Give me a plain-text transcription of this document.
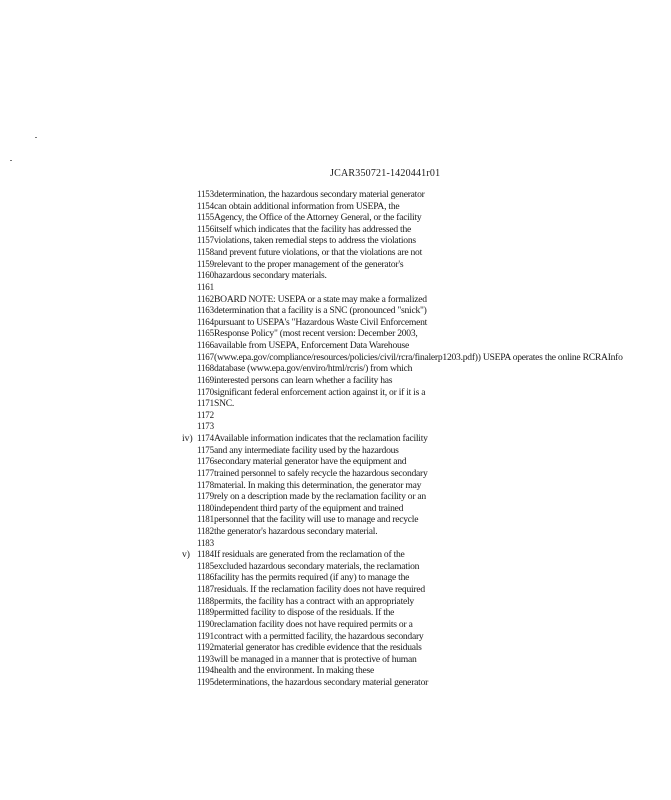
JCAR350721-1420441r01
1153 determination, the hazardous secondary material generator
1154 can obtain additional information from USEPA, the
1155 Agency, the Office of the Attorney General, or the facility
1156 itself which indicates that the facility has addressed the
1157 violations, taken remedial steps to address the violations
1158 and prevent future violations, or that the violations are not
1159 relevant to the proper management of the generator's
1160 hazardous secondary materials.
1161
1162 BOARD NOTE: USEPA or a state may make a formalized
1163 determination that a facility is a SNC (pronounced "snick")
1164 pursuant to USEPA's "Hazardous Waste Civil Enforcement
1165 Response Policy" (most recent version: December 2003,
1166 available from USEPA, Enforcement Data Warehouse
1167 (www.epa.gov/compliance/resources/policies/civil/rcra/finalerp1203.pdf)) USEPA operates the online RCRAInfo
1168 database (www.epa.gov/enviro/html/rcris/) from which
1169 interested persons can learn whether a facility has
1170 significant federal enforcement action against it, or if it is a
1171 SNC.
1172
1173
1174 Available information indicates that the reclamation facility
1175 and any intermediate facility used by the hazardous
1176 secondary material generator have the equipment and
1177 trained personnel to safely recycle the hazardous secondary
1178 material. In making this determination, the generator may
1179 rely on a description made by the reclamation facility or an
1180 independent third party of the equipment and trained
1181 personnel that the facility will use to manage and recycle
1182 the generator's hazardous secondary material.
1183
1184 If residuals are generated from the reclamation of the
1185 excluded hazardous secondary materials, the reclamation
1186 facility has the permits required (if any) to manage the
1187 residuals. If the reclamation facility does not have required
1188 permits, the facility has a contract with an appropriately
1189 permitted facility to dispose of the residuals. If the
1190 reclamation facility does not have required permits or a
1191 contract with a permitted facility, the hazardous secondary
1192 material generator has credible evidence that the residuals
1193 will be managed in a manner that is protective of human
1194 health and the environment. In making these
1195 determinations, the hazardous secondary material generator
iv)
v)
